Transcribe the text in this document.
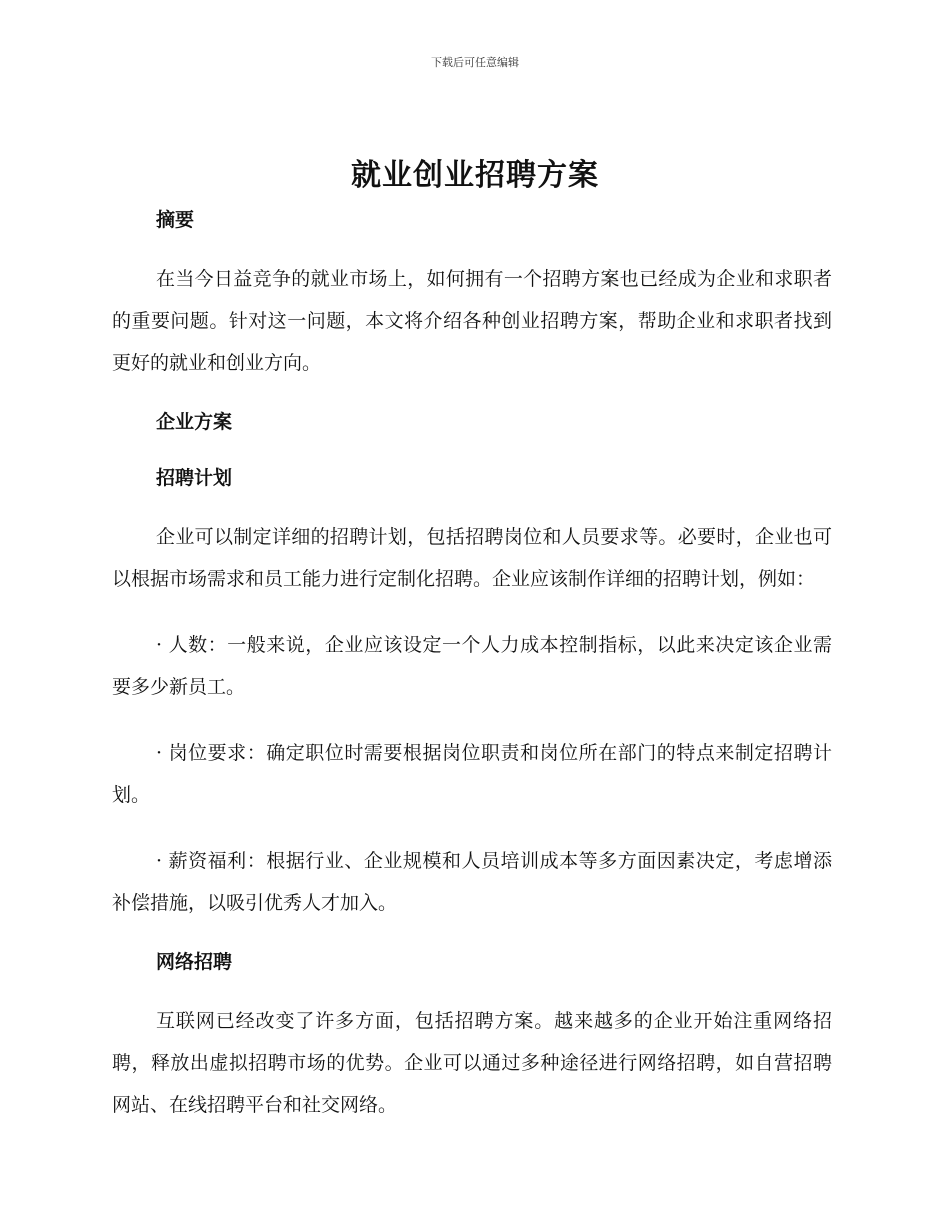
下载后可任意编辑
就业创业招聘方案
摘要

在当今日益竞争的就业市场上，如何拥有一个招聘方案也已经成为企业和求职者的重要问题。针对这一问题，本文将介绍各种创业招聘方案，帮助企业和求职者找到更好的就业和创业方向。

企业方案
招聘计划

企业可以制定详细的招聘计划，包括招聘岗位和人员要求等。必要时，企业也可以根据市场需求和员工能力进行定制化招聘。企业应该制作详细的招聘计划，例如：

· 人数：一般来说，企业应该设定一个人力成本控制指标，以此来决定该企业需要多少新员工。

· 岗位要求：确定职位时需要根据岗位职责和岗位所在部门的特点来制定招聘计划。

· 薪资福利：根据行业、企业规模和人员培训成本等多方面因素决定，考虑增添补偿措施，以吸引优秀人才加入。

网络招聘

互联网已经改变了许多方面，包括招聘方案。越来越多的企业开始注重网络招聘，释放出虚拟招聘市场的优势。企业可以通过多种途径进行网络招聘，如自营招聘网站、在线招聘平台和社交网络。
